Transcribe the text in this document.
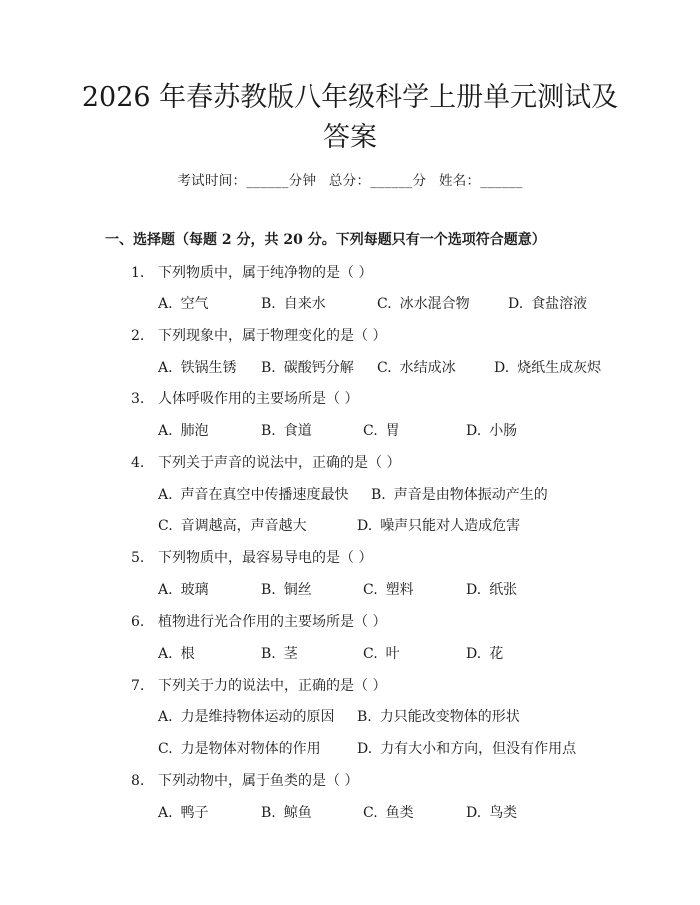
2026 年春苏教版八年级科学上册单元测试及
答案
考试时间：______分钟 总分：______分 姓名：______
一、选择题（每题 2 分，共 20 分。下列每题只有一个选项符合题意）
1. 下列物质中，属于纯净物的是（ ）
A. 空气	B. 自来水	C. 冰水混合物	D. 食盐溶液
2. 下列现象中，属于物理变化的是（ ）
A. 铁锅生锈 B. 碳酸钙分解 C. 水结成冰	D. 烧纸生成灰烬
3. 人体呼吸作用的主要场所是（ ）
A. 肺泡	B. 食道	C. 胃	D. 小肠
4. 下列关于声音的说法中，正确的是（ ）
A. 声音在真空中传播速度最快 B. 声音是由物体振动产生的
C. 音调越高，声音越大	D. 噪声只能对人造成危害
5. 下列物质中，最容易导电的是（ ）
A. 玻璃	B. 铜丝	C. 塑料	D. 纸张
6. 植物进行光合作用的主要场所是（ ）
A. 根	B. 茎	C. 叶	D. 花
7. 下列关于力的说法中，正确的是（ ）
A. 力是维持物体运动的原因 B. 力只能改变物体的形状
C. 力是物体对物体的作用	D. 力有大小和方向，但没有作用点
8. 下列动物中，属于鱼类的是（ ）
A. 鸭子	B. 鲸鱼	C. 鱼类	D. 鸟类
